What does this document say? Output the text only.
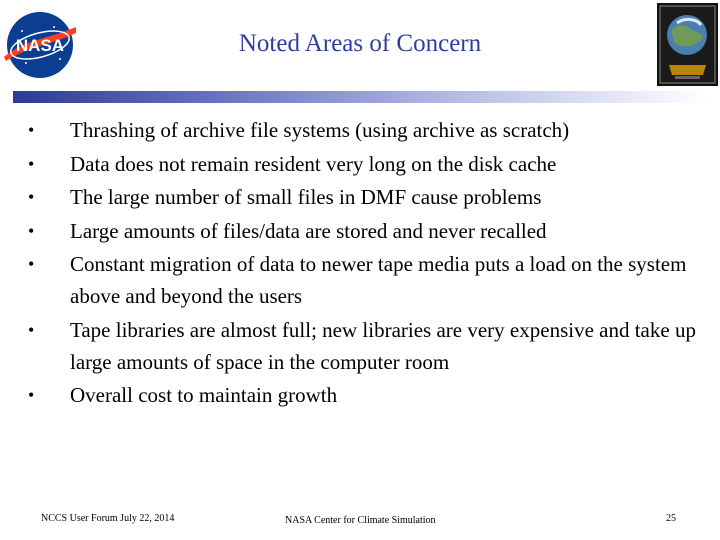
NASA	Noted Areas of Concern
•	Thrashing of archive file systems (using archive as scratch)
•	Data does not remain resident very long on the disk cache
•	The large number of small files in DMF cause problems
•	Large amounts of files/data are stored and never recalled
•	Constant migration of data to newer tape media puts a load on the system above and beyond the users
•	Tape libraries are almost full; new libraries are very expensive and take up large amounts of space in the computer room
•	Overall cost to maintain growth
NCCS User Forum July 22, 2014	NASA Center for Climate Simulation	25
